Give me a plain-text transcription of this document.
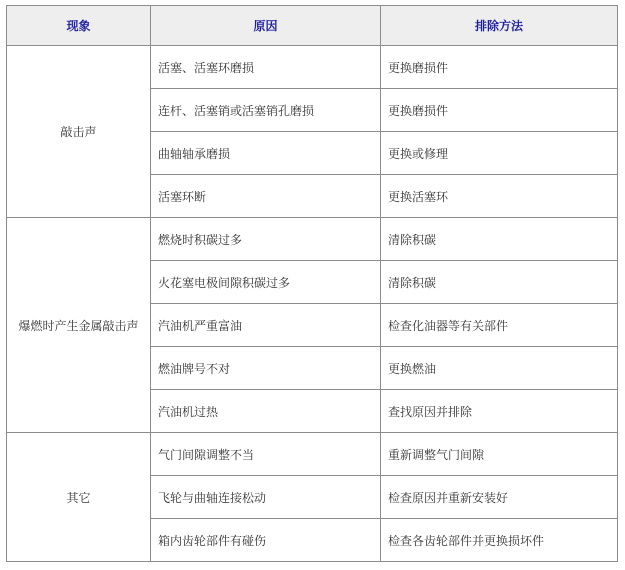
现象	原因	排除方法
敲击声	活塞、活塞环磨损	更换磨损件
	连杆、活塞销或活塞销孔磨损	更换磨损件
	曲轴轴承磨损	更换或修理
	活塞环断	更换活塞环
爆燃时产生金属敲击声	燃烧时积碳过多	清除积碳
	火花塞电极间隙积碳过多	清除积碳
	汽油机严重富油	检查化油器等有关部件
	燃油牌号不对	更换燃油
	汽油机过热	查找原因并排除
其它	气门间隙调整不当	重新调整气门间隙
	飞轮与曲轴连接松动	检查原因并重新安装好
	箱内齿轮部件有碰伤	检查各齿轮部件并更换损坏件
